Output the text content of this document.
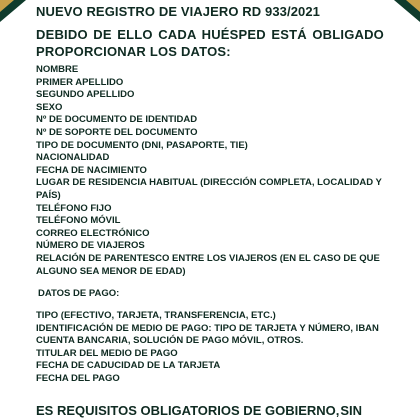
NUEVO REGISTRO DE VIAJERO RD 933/2021
DEBIDO DE ELLO CADA HUÉSPED ESTÁ OBLIGADO
PROPORCIONAR LOS DATOS:
NOMBRE
PRIMER APELLIDO
SEGUNDO APELLIDO
SEXO
Nº DE DOCUMENTO DE IDENTIDAD
Nº DE SOPORTE DEL DOCUMENTO
TIPO DE DOCUMENTO (DNI, PASAPORTE, TIE)
NACIONALIDAD
FECHA DE NACIMIENTO
LUGAR DE RESIDENCIA HABITUAL (DIRECCIÓN COMPLETA, LOCALIDAD Y PAÍS)
TELÉFONO FIJO
TELÉFONO MÓVIL
CORREO ELECTRÓNICO
NÚMERO DE VIAJEROS
RELACIÓN DE PARENTESCO ENTRE LOS VIAJEROS (EN EL CASO DE QUE ALGUNO SEA MENOR DE EDAD)
DATOS DE PAGO:
TIPO (EFECTIVO, TARJETA, TRANSFERENCIA, ETC.)
IDENTIFICACIÓN DE MEDIO DE PAGO: TIPO DE TARJETA Y NÚMERO, IBAN CUENTA BANCARIA, SOLUCIÓN DE PAGO MÓVIL, OTROS.
TITULAR DEL MEDIO DE PAGO
FECHA DE CADUCIDAD DE LA TARJETA
FECHA DEL PAGO
ES REQUISITOS OBLIGATORIOS DE GOBIERNO, SIN
